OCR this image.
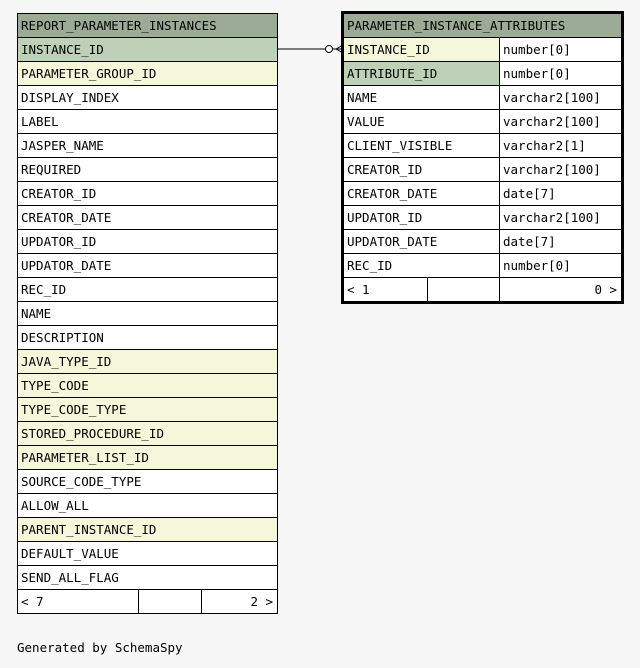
REPORT_PARAMETER_INSTANCES
INSTANCE_ID
PARAMETER_GROUP_ID
DISPLAY_INDEX
LABEL
JASPER_NAME
REQUIRED
CREATOR_ID
CREATOR_DATE
UPDATOR_ID
UPDATOR_DATE
REC_ID
NAME
DESCRIPTION
JAVA_TYPE_ID
TYPE_CODE
TYPE_CODE_TYPE
STORED_PROCEDURE_ID
PARAMETER_LIST_ID
SOURCE_CODE_TYPE
ALLOW_ALL
PARENT_INSTANCE_ID
DEFAULT_VALUE
SEND_ALL_FLAG
< 7		2 >
PARAMETER_INSTANCE_ATTRIBUTES		
INSTANCE_ID		number[0]
ATTRIBUTE_ID		number[0]
NAME		varchar2[100]
VALUE		varchar2[100]
CLIENT_VISIBLE		varchar2[1]
CREATOR_ID		varchar2[100]
CREATOR_DATE		date[7]
UPDATOR_ID		varchar2[100]
UPDATOR_DATE		date[7]
REC_ID		number[0]
< 1		0 >
Generated by SchemaSpy
